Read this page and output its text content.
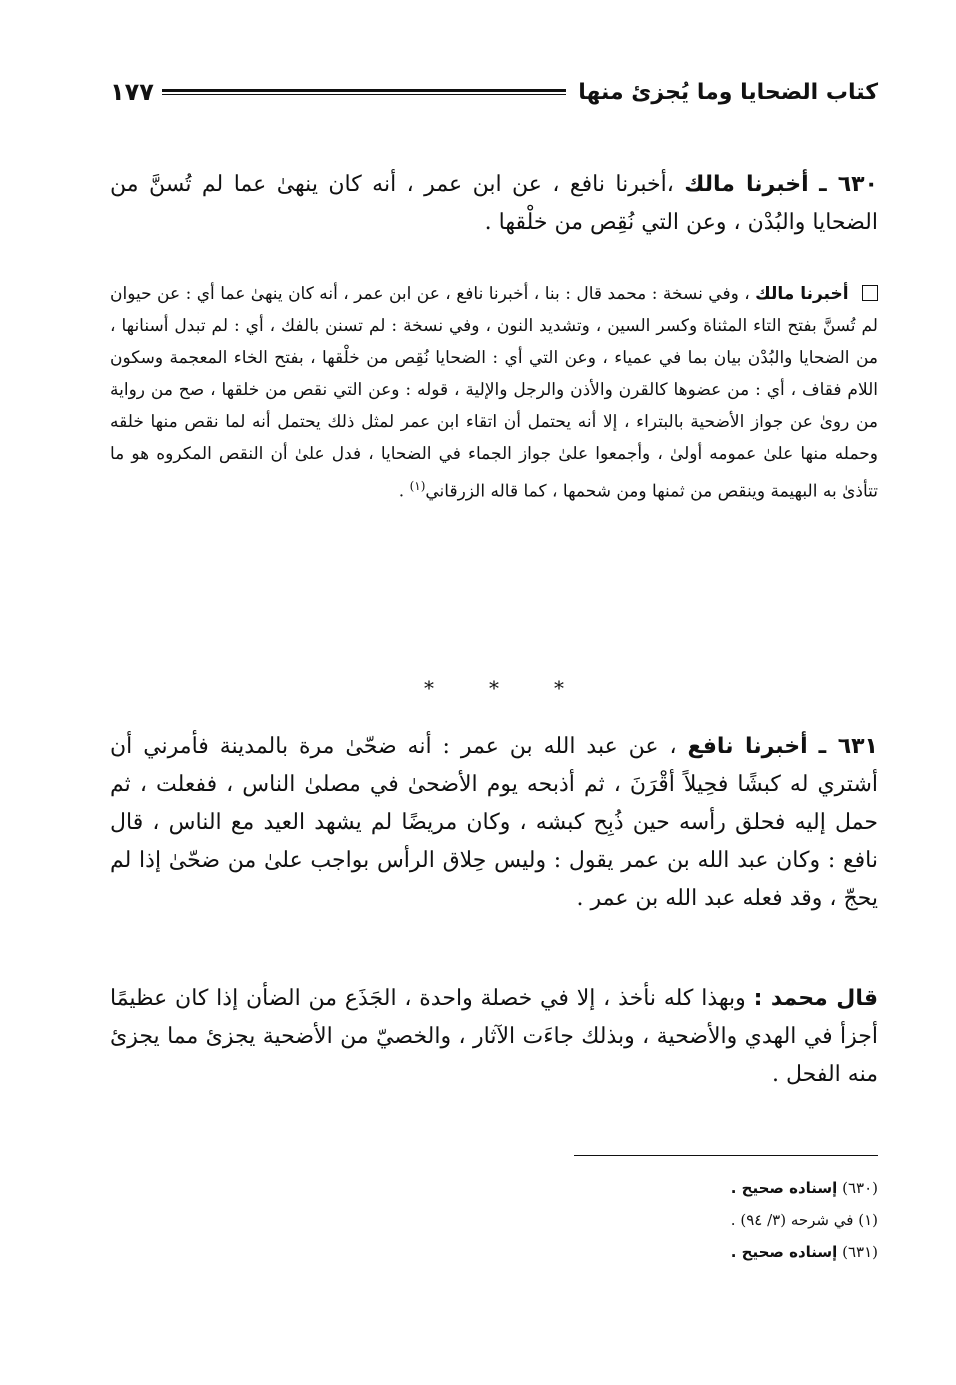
كتاب الضحايا وما يُجزئ منها
١٧٧
٦٣٠ ـ أخبرنا مالك ،أخبرنا نافع ، عن ابن عمر ، أنه كان ينهىٰ عما لم تُسنَّ من الضحايا والبُدْن ، وعن التي نُقِص من خلْقها .
أخبرنا مالك ، وفي نسخة : محمد قال : بنا ، أخبرنا نافع ، عن ابن عمر ، أنه كان ينهىٰ عما أي : عن حيوان لم تُسنَّ بفتح التاء المثناة وكسر السين ، وتشديد النون ، وفي نسخة : لم تسنن بالفك ، أي : لم تبدل أسنانها ، من الضحايا والبُدْن بيان بما في عمياء ، وعن التي أي : الضحايا نُقِص من خلْقها ، بفتح الخاء المعجمة وسكون اللام فقاف ، أي : من عضوها كالقرن والأذن والرجل والإلية ، قوله : وعن التي نقص من خلقها ، صح من رواية من روىٰ عن جواز الأضحية بالبتراء ، إلا أنه يحتمل أن اتقاء ابن عمر لمثل ذلك يحتمل أنه لما نقص منها خلقه وحمله منها علىٰ عمومه أولىٰ ، وأجمعوا علىٰ جواز الجماء في الضحايا ، فدل علىٰ أن النقص المكروه هو ما تتأذىٰ به البهيمة وينقص من ثمنها ومن شحمها ، كما قاله الزرقاني$^{(١)}$ .
*
*
*
٦٣١ ـ أخبرنا نافع ، عن عبد الله بن عمر : أنه ضحّىٰ مرة بالمدينة فأمرني أن أشتري له كبشًا فحِيلاً أقْرَنَ ، ثم أذبحه يوم الأضحىٰ في مصلىٰ الناس ، ففعلت ، ثم حمل إليه فحلق رأسه حين ذُبِح كبشه ، وكان مريضًا لم يشهد العيد مع الناس ، قال نافع : وكان عبد الله بن عمر يقول : وليس حِلاق الرأس بواجب علىٰ من ضحّىٰ إذا لم يحجّ ، وقد فعله عبد الله بن عمر .
قال محمد : وبهذا كله نأخذ ، إلا في خصلة واحدة ، الجَذَع من الضأن إذا كان عظيمًا أجزأ في الهدي والأضحية ، وبذلك جاءَت الآثار ، والخصيّ من الأضحية يجزئ مما يجزئ منه الفحل .
(٦٣٠) إسناده صحيح .
(١) في شرحه (٣/ ٩٤) .
(٦٣١) إسناده صحيح .
